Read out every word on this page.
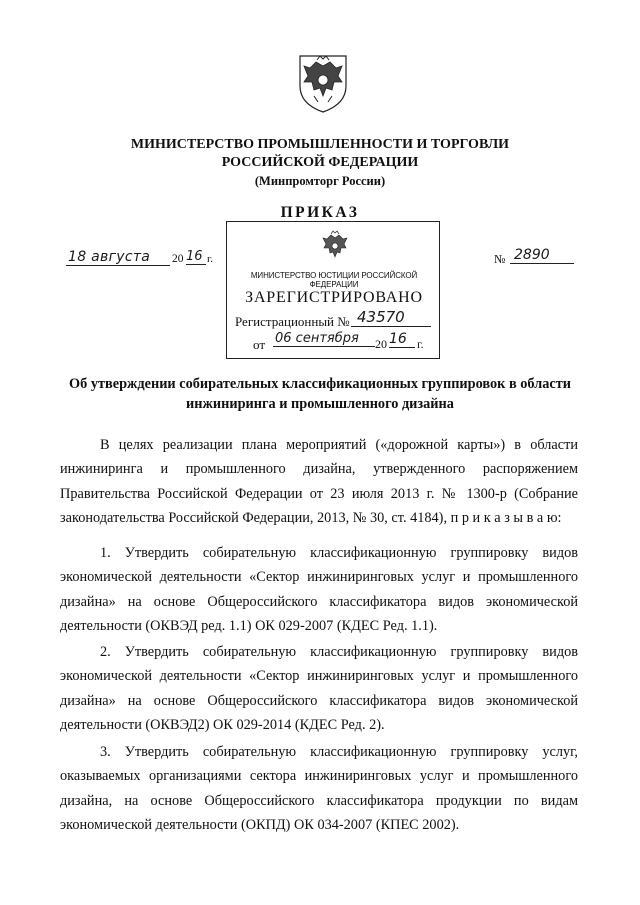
МИНИСТЕРСТВО ПРОМЫШЛЕННОСТИ И ТОРГОВЛИ
РОССИЙСКОЙ ФЕДЕРАЦИИ
(Минпромторг России)
ПРИКАЗ
18 августа	20 16 г.	№ 2890
МИНИСТЕРСТВО ЮСТИЦИИ РОССИЙСКОЙ ФЕДЕРАЦИИ
ЗАРЕГИСТРИРОВАНО
Регистрационный № 43570
от 06 сентября	20 16 г.
Об утверждении собирательных классификационных группировок в области
инжиниринга и промышленного дизайна

В целях реализации плана мероприятий («дорожной карты») в области инжиниринга и промышленного дизайна, утвержденного распоряжением Правительства Российской Федерации от 23 июля 2013 г. № 1300-р (Собрание законодательства Российской Федерации, 2013, № 30, ст. 4184), п р и к а з ы в а ю:

1. Утвердить собирательную классификационную группировку видов экономической деятельности «Сектор инжиниринговых услуг и промышленного дизайна» на основе Общероссийского классификатора видов экономической деятельности (ОКВЭД ред. 1.1) ОК 029-2007 (КДЕС Ред. 1.1).

2. Утвердить собирательную классификационную группировку видов экономической деятельности «Сектор инжиниринговых услуг и промышленного дизайна» на основе Общероссийского классификатора видов экономической деятельности (ОКВЭД2) ОК 029-2014 (КДЕС Ред. 2).

3. Утвердить собирательную классификационную группировку услуг, оказываемых организациями сектора инжиниринговых услуг и промышленного дизайна, на основе Общероссийского классификатора продукции по видам экономической деятельности (ОКПД) ОК 034-2007 (КПЕС 2002).
